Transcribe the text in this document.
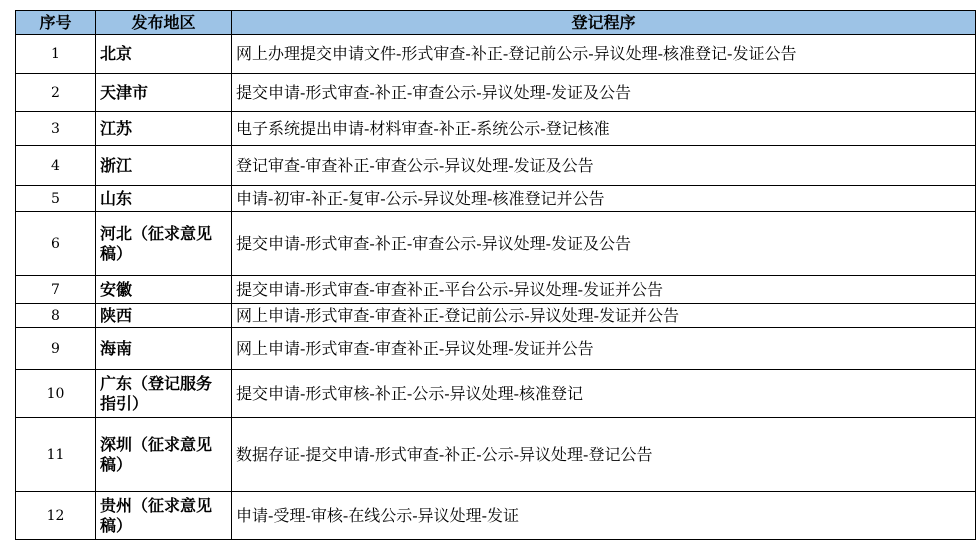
序号	发布地区	登记程序
1	北京	网上办理提交申请文件-形式审查-补正-登记前公示-异议处理-核准登记-发证公告
2	天津市	提交申请-形式审查-补正-审查公示-异议处理-发证及公告
3	江苏	电子系统提出申请-材料审查-补正-系统公示-登记核准
4	浙江	登记审查-审查补正-审查公示-异议处理-发证及公告
5	山东	申请-初审-补正-复审-公示-异议处理-核准登记并公告
6	河北（征求意见稿）	提交申请-形式审查-补正-审查公示-异议处理-发证及公告
7	安徽	提交申请-形式审查-审查补正-平台公示-异议处理-发证并公告
8	陕西	网上申请-形式审查-审查补正-登记前公示-异议处理-发证并公告
9	海南	网上申请-形式审查-审查补正-异议处理-发证并公告
10	广东（登记服务指引）	提交申请-形式审核-补正-公示-异议处理-核准登记
11	深圳（征求意见稿）	数据存证-提交申请-形式审查-补正-公示-异议处理-登记公告
12	贵州（征求意见稿）	申请-受理-审核-在线公示-异议处理-发证
